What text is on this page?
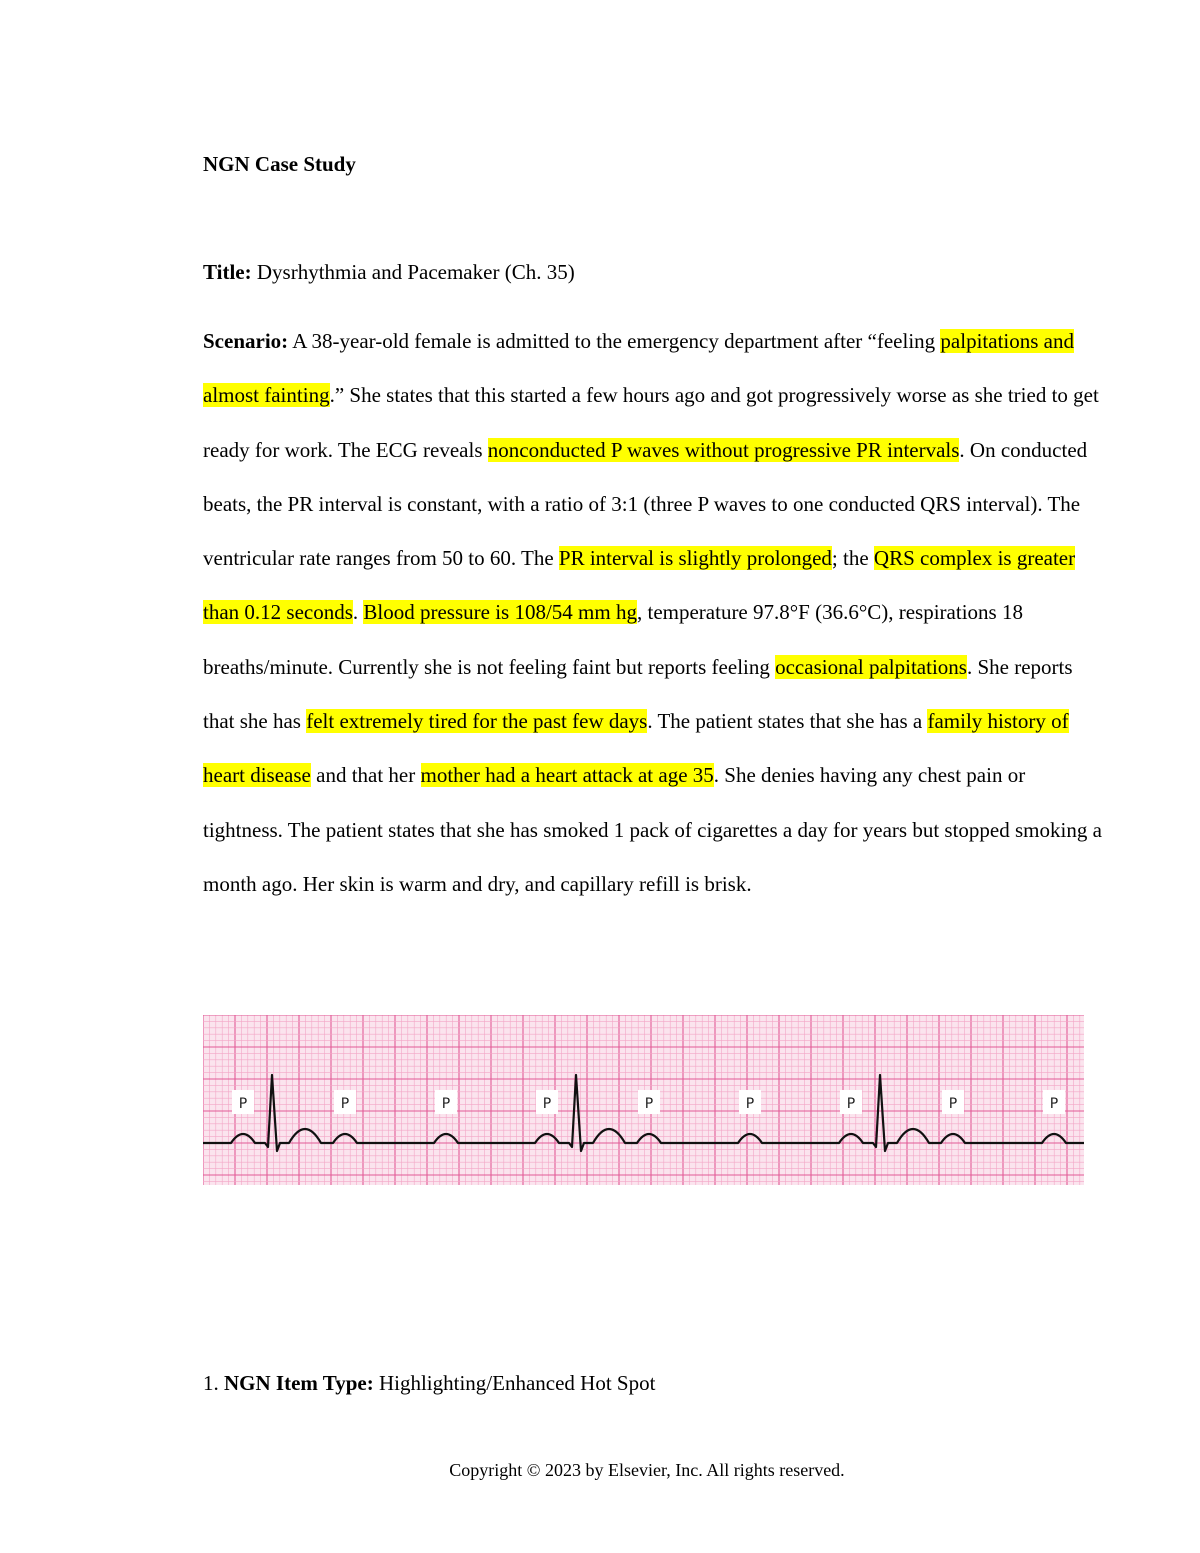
NGN Case Study

Title: Dysrhythmia and Pacemaker (Ch. 35)

Scenario: A 38-year-old female is admitted to the emergency department after “feeling palpitations and almost fainting.” She states that this started a few hours ago and got progressively worse as she tried to get ready for work. The ECG reveals nonconducted P waves without progressive PR intervals. On conducted beats, the PR interval is constant, with a ratio of 3:1 (three P waves to one conducted QRS interval). The ventricular rate ranges from 50 to 60. The PR interval is slightly prolonged; the QRS complex is greater than 0.12 seconds. Blood pressure is 108/54 mm hg, temperature 97.8°F (36.6°C), respirations 18 breaths/minute. Currently she is not feeling faint but reports feeling occasional palpitations. She reports that she has felt extremely tired for the past few days. The patient states that she has a family history of heart disease and that her mother had a heart attack at age 35. She denies having any chest pain or tightness. The patient states that she has smoked 1 pack of cigarettes a day for years but stopped smoking a month ago. Her skin is warm and dry, and capillary refill is brisk.

P	P	P	P	P	P	P	P	P

1. NGN Item Type: Highlighting/Enhanced Hot Spot

Copyright © 2023 by Elsevier, Inc. All rights reserved.
